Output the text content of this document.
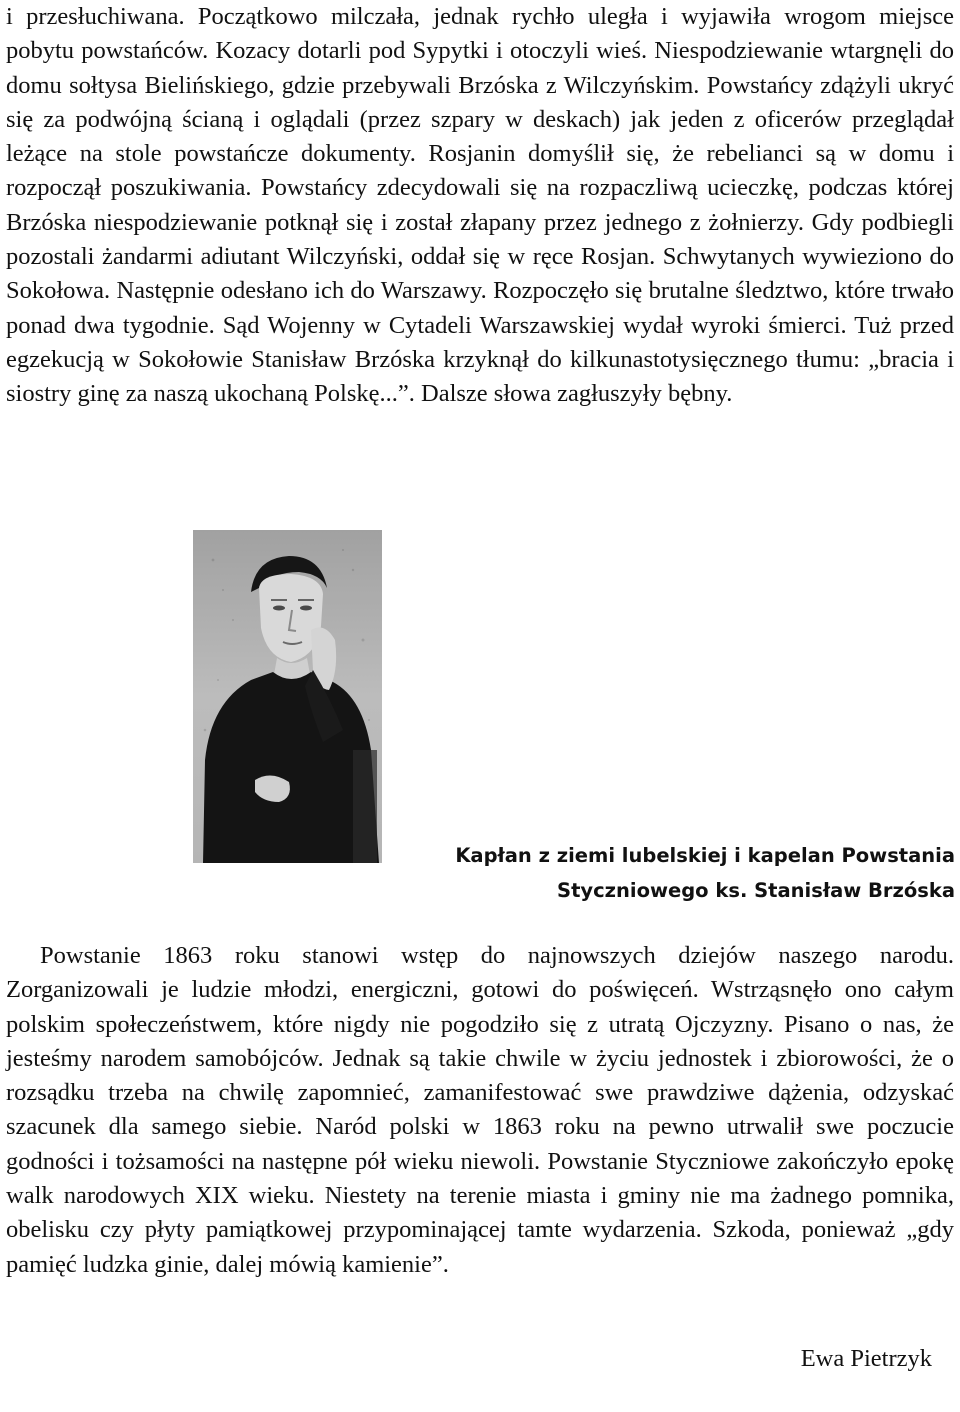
i przesłuchiwana. Początkowo milczała, jednak rychło uległa i wyjawiła wrogom miejsce pobytu powstańców. Kozacy dotarli pod Sypytki i otoczyli wieś. Niespodziewanie wtargnęli do domu sołtysa Bielińskiego, gdzie przebywali Brzóska z Wilczyńskim. Powstańcy zdążyli ukryć się za podwójną ścianą i oglądali (przez szpary w deskach) jak jeden z oficerów przeglądał leżące na stole powstańcze dokumenty. Rosjanin domyślił się, że rebelianci są w domu i rozpoczął poszukiwania. Powstańcy zdecydowali się na rozpaczliwą ucieczkę, podczas której Brzóska niespodziewanie potknął się i został złapany przez jednego z żołnierzy. Gdy podbiegli pozostali żandarmi adiutant Wilczyński, oddał się w ręce Rosjan. Schwytanych wywieziono do Sokołowa. Następnie odesłano ich do Warszawy. Rozpoczęło się brutalne śledztwo, które trwało ponad dwa tygodnie. Sąd Wojenny w Cytadeli Warszawskiej wydał wyroki śmierci. Tuż przed egzekucją w Sokołowie Stanisław Brzóska krzyknął do kilkunastotysięcznego tłumu: „bracia i siostry ginę za naszą ukochaną Polskę...”. Dalsze słowa zagłuszyły bębny.

Kapłan z ziemi lubelskiej i kapelan Powstania

Styczniowego ks. Stanisław Brzóska

Powstanie 1863 roku stanowi wstęp do najnowszych dziejów naszego narodu. Zorganizowali je ludzie młodzi, energiczni, gotowi do poświęceń. Wstrząsnęło ono całym polskim społeczeństwem, które nigdy nie pogodziło się z utratą Ojczyzny. Pisano o nas, że jesteśmy narodem samobójców. Jednak są takie chwile w życiu jednostek i zbiorowości, że o rozsądku trzeba na chwilę zapomnieć, zamanifestować swe prawdziwe dążenia, odzyskać szacunek dla samego siebie. Naród polski w 1863 roku na pewno utrwalił swe poczucie godności i tożsamości na następne pół wieku niewoli. Powstanie Styczniowe zakończyło epokę walk narodowych XIX wieku. Niestety na terenie miasta i gminy nie ma żadnego pomnika, obelisku czy płyty pamiątkowej przypominającej tamte wydarzenia. Szkoda, ponieważ „gdy pamięć ludzka ginie, dalej mówią kamienie”.

Ewa Pietrzyk
